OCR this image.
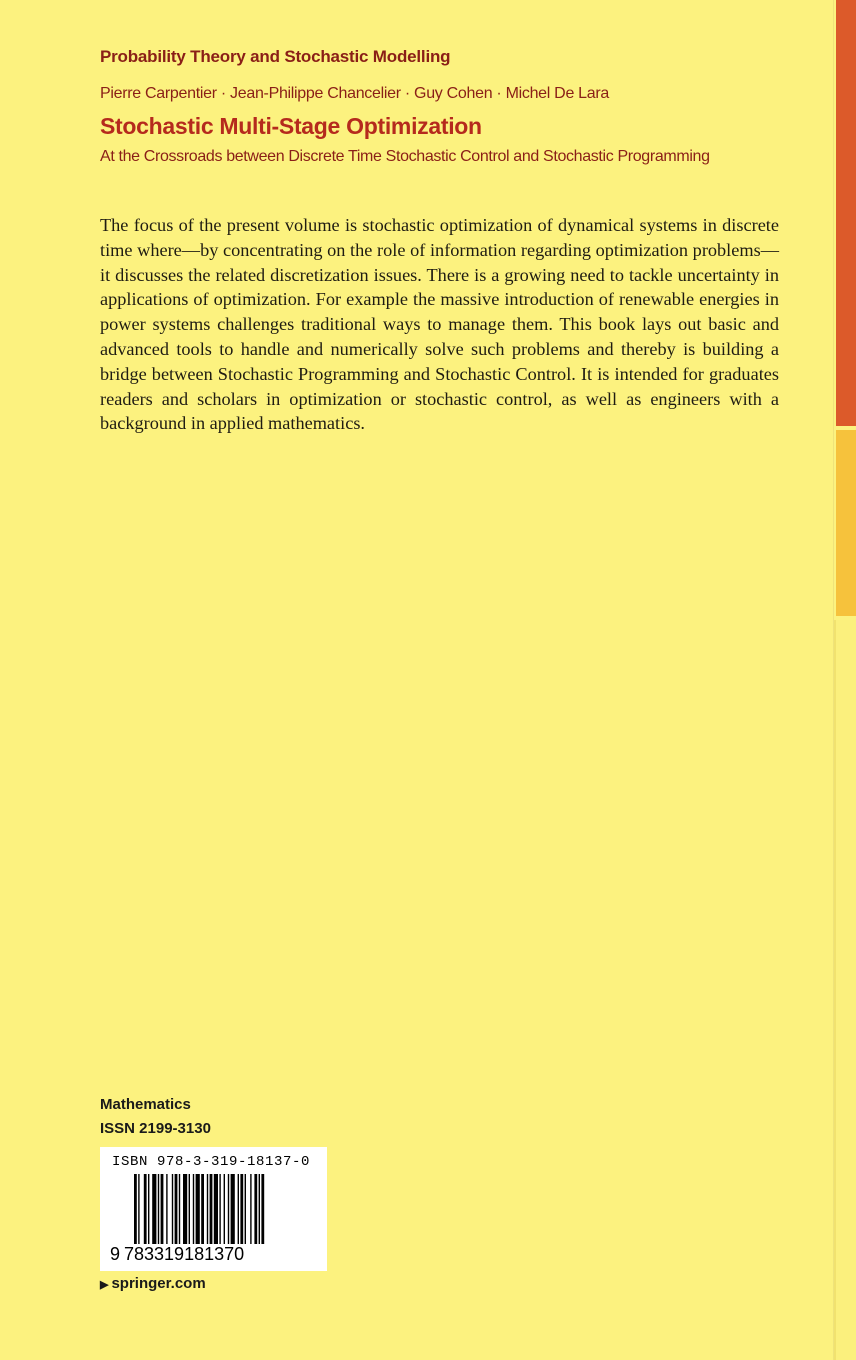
Probability Theory and Stochastic Modelling
Pierre Carpentier · Jean-Philippe Chancelier · Guy Cohen · Michel De Lara
Stochastic Multi-Stage Optimization
At the Crossroads between Discrete Time Stochastic Control and Stochastic Programming
The focus of the present volume is stochastic optimization of dynamical systems in discrete time where—by concentrating on the role of information regarding optimization problems—it discusses the related discretization issues. There is a growing need to tackle uncertainty in applications of optimization. For example the massive introduction of renewable energies in power systems challenges traditional ways to manage them. This book lays out basic and advanced tools to handle and numerically solve such problems and thereby is building a bridge between Stochastic Programming and Stochastic Control. It is intended for graduates readers and scholars in optimization or stochastic control, as well as engineers with a background in applied mathematics.
Mathematics
ISSN 2199-3130
ISBN 978-3-319-18137-0
9 783319181370
▶ springer.com
